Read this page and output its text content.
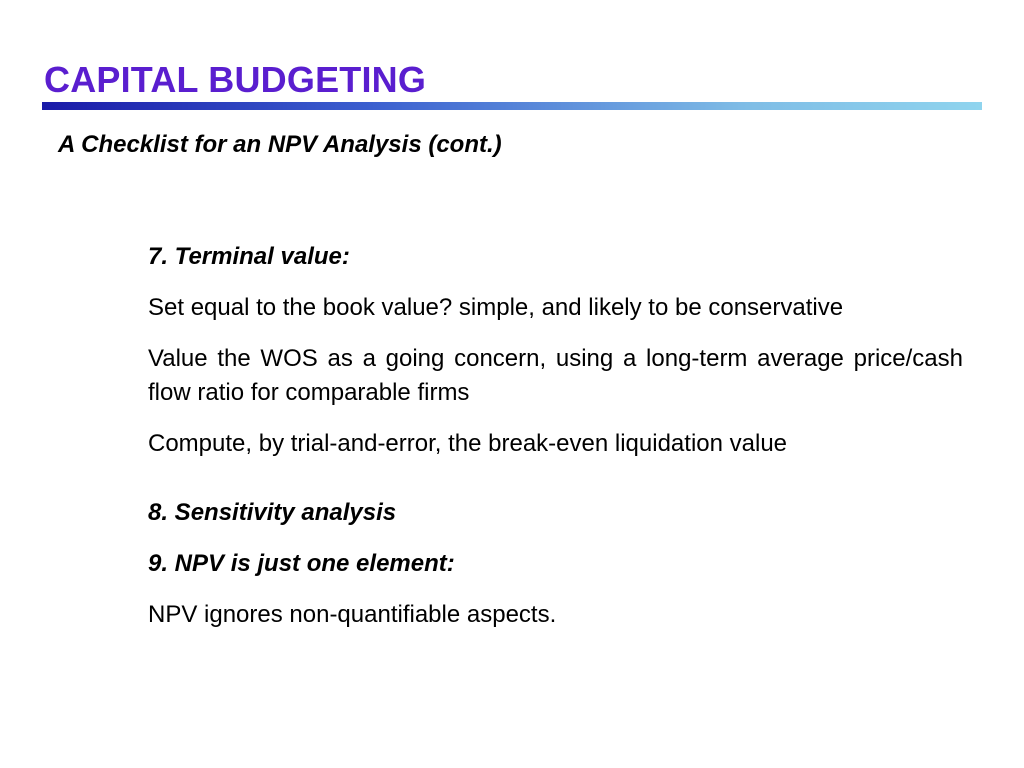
CAPITAL BUDGETING
A Checklist for an NPV Analysis (cont.)

7. Terminal value:

Set equal to the book value? simple, and likely to be conservative

Value the WOS as a going concern, using a long-term average price/cash flow ratio for comparable firms

Compute, by trial-and-error, the break-even liquidation value

8. Sensitivity analysis

9. NPV is just one element:

NPV ignores non-quantifiable aspects.
